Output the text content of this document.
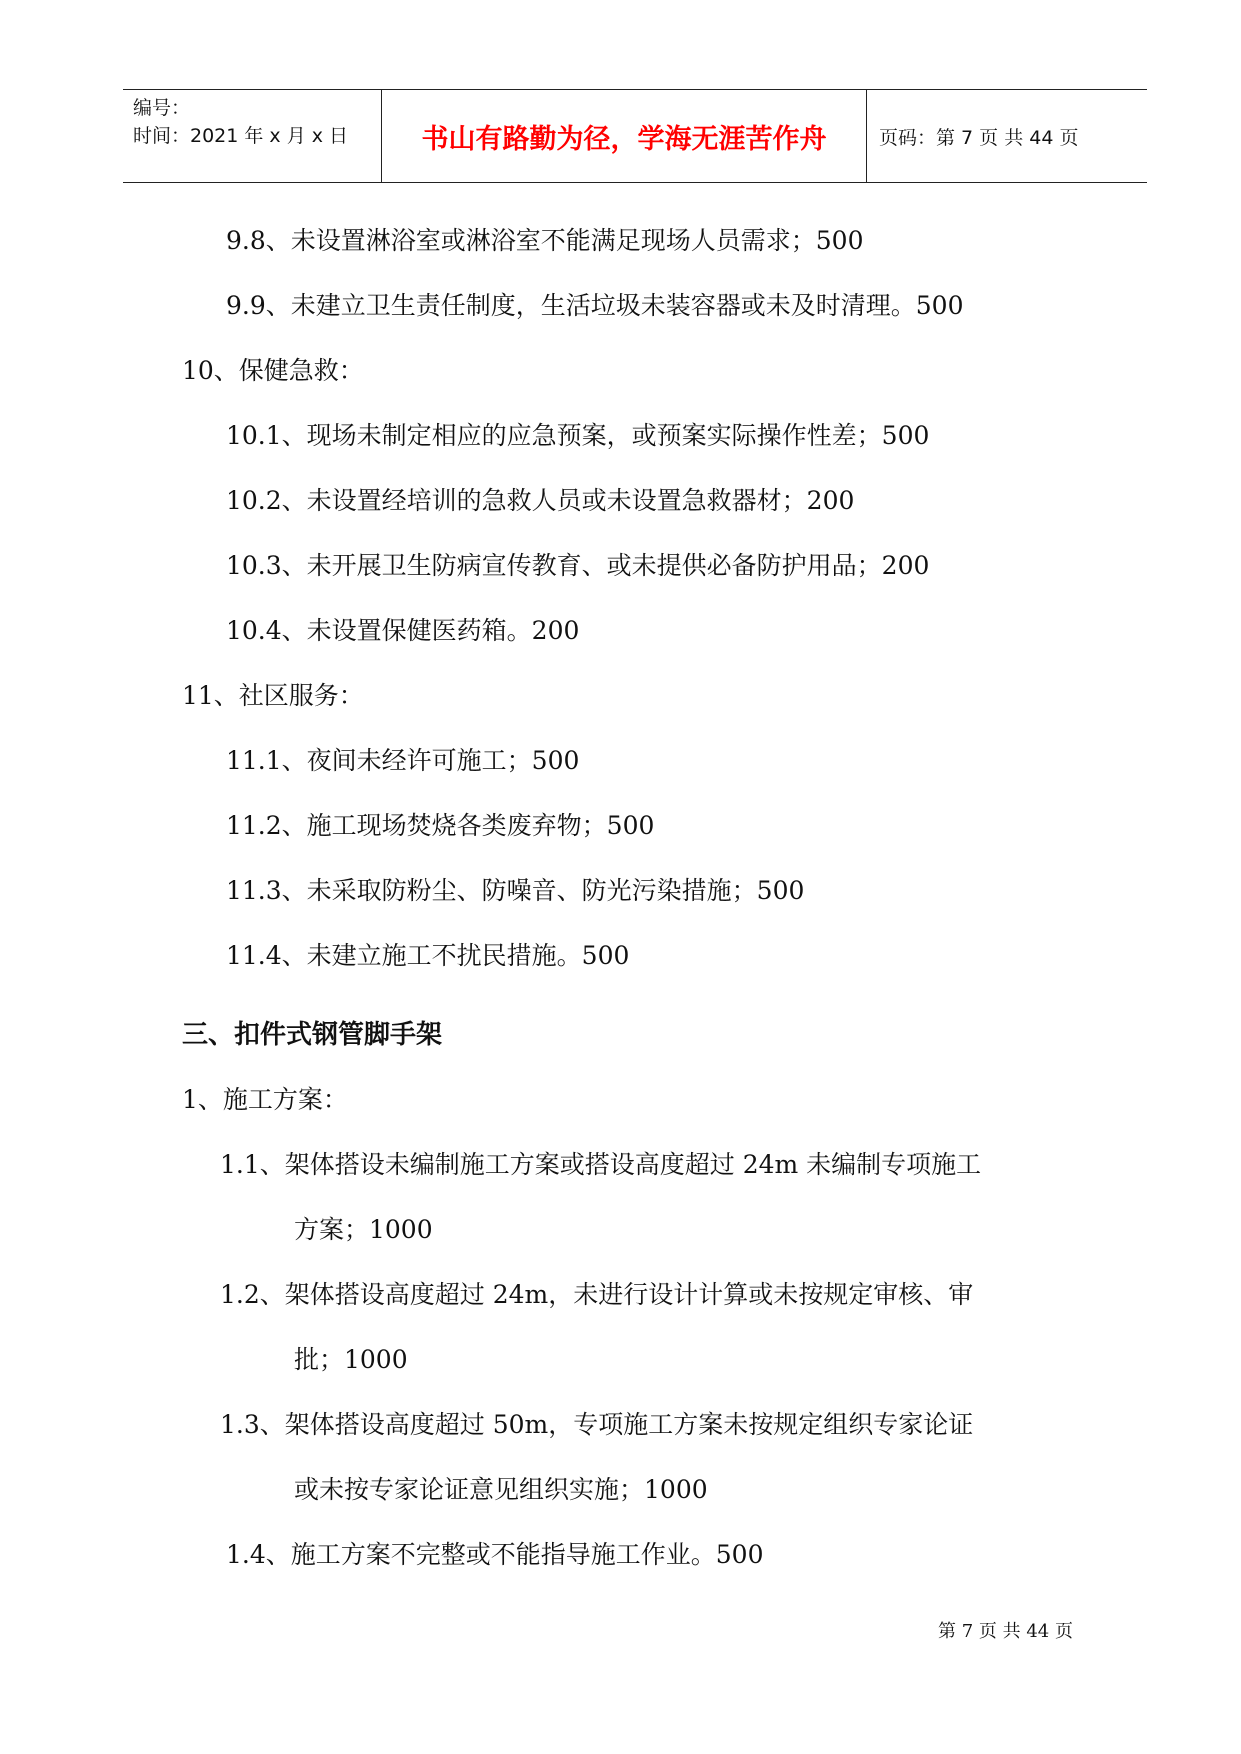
编号：
时间：2021 年 x 月 x 日	书山有路勤为径，学海无涯苦作舟	页码：第 7 页 共 44 页
9.8、未设置淋浴室或淋浴室不能满足现场人员需求；500
9.9、未建立卫生责任制度，生活垃圾未装容器或未及时清理。500
10、保健急救：
10.1、现场未制定相应的应急预案，或预案实际操作性差；500
10.2、未设置经培训的急救人员或未设置急救器材；200
10.3、未开展卫生防病宣传教育、或未提供必备防护用品；200
10.4、未设置保健医药箱。200
11、社区服务：
11.1、夜间未经许可施工；500
11.2、施工现场焚烧各类废弃物；500
11.3、未采取防粉尘、防噪音、防光污染措施；500
11.4、未建立施工不扰民措施。500
三、扣件式钢管脚手架
1、施工方案：
1.1、架体搭设未编制施工方案或搭设高度超过 24m 未编制专项施工
方案；1000
1.2、架体搭设高度超过 24m，未进行设计计算或未按规定审核、审
批；1000
1.3、架体搭设高度超过 50m，专项施工方案未按规定组织专家论证
或未按专家论证意见组织实施；1000
1.4、施工方案不完整或不能指导施工作业。500
第 7 页 共 44 页
